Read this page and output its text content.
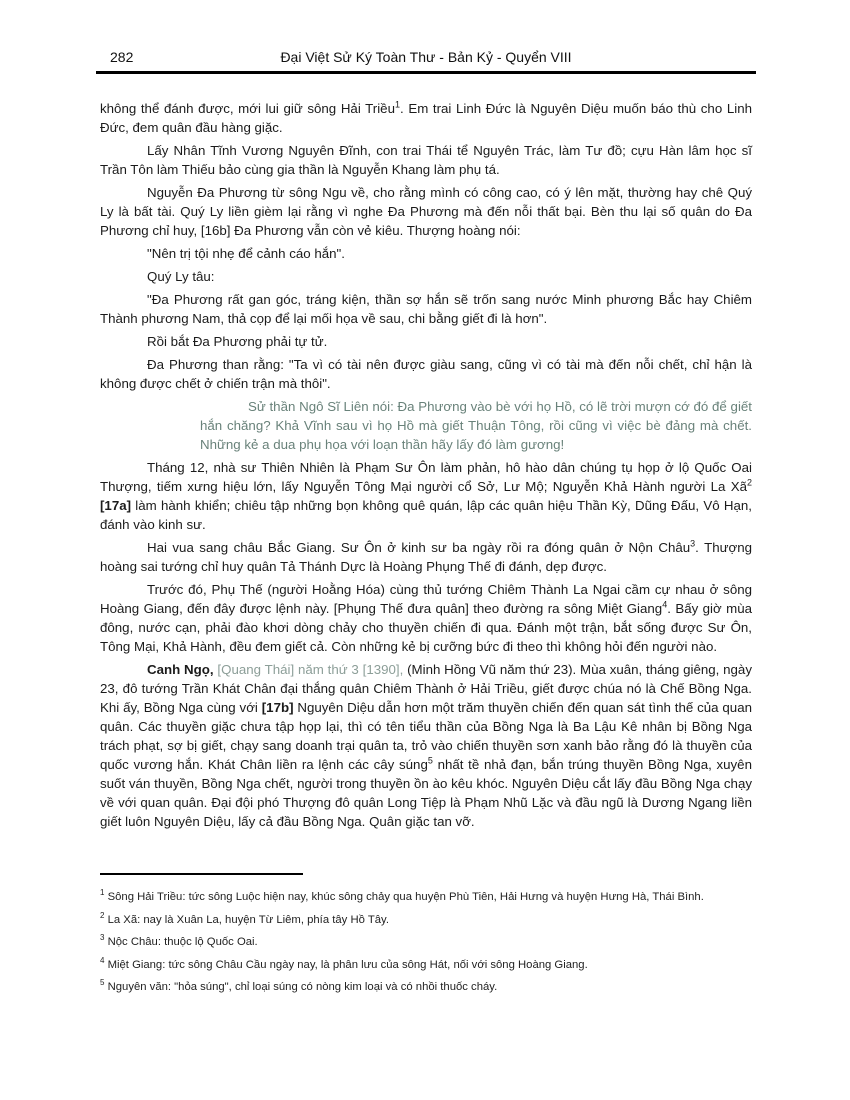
282	Đại Việt Sử Ký Toàn Thư - Bản Kỷ - Quyển VIII

không thể đánh được, mới lui giữ sông Hải Triều$^1$. Em trai Linh Đức là Nguyên Diệu muốn báo thù cho Linh Đức, đem quân đầu hàng giặc.

Lấy Nhân Tĩnh Vương Nguyên Đĩnh, con trai Thái tể Nguyên Trác, làm Tư đồ; cựu Hàn lâm học sĩ Trần Tôn làm Thiếu bảo cùng gia thần là Nguyễn Khang làm phụ tá.

Nguyễn Đa Phương từ sông Ngu về, cho rằng mình có công cao, có ý lên mặt, thường hay chê Quý Ly là bất tài. Quý Ly liền gièm lại rằng vì nghe Đa Phương mà đến nỗi thất bại. Bèn thu lại số quân do Đa Phương chỉ huy, [16b] Đa Phương vẫn còn vẻ kiêu. Thượng hoàng nói:

"Nên trị tội nhẹ để cảnh cáo hắn".

Quý Ly tâu:

"Đa Phương rất gan góc, tráng kiện, thần sợ hắn sẽ trốn sang nước Minh phương Bắc hay Chiêm Thành phương Nam, thả cọp để lại mối họa về sau, chi bằng giết đi là hơn".

Rồi bắt Đa Phương phải tự tử.

Đa Phương than rằng: "Ta vì có tài nên được giàu sang, cũng vì có tài mà đến nỗi chết, chỉ hận là không được chết ở chiến trận mà thôi".

Sử thần Ngô Sĩ Liên nói: Đa Phương vào bè với họ Hồ, có lẽ trời mượn cớ đó để giết hắn chăng? Khả Vĩnh sau vì họ Hồ mà giết Thuận Tông, rồi cũng vì việc bè đảng mà chết. Những kẻ a dua phụ họa với loạn thần hãy lấy đó làm gương!

Tháng 12, nhà sư Thiên Nhiên là Phạm Sư Ôn làm phản, hô hào dân chúng tụ họp ở lộ Quốc Oai Thượng, tiếm xưng hiệu lớn, lấy Nguyễn Tông Mại người cổ Sở, Lư Mộ; Nguyễn Khả Hành người La $Xã^2$ [17a] làm hành khiển; chiêu tập những bọn không quê quán, lập các quân hiệu Thần Kỳ, Dũng Đấu, Vô Hạn, đánh vào kinh sư.

Hai vua sang châu Bắc Giang. Sư Ôn ở kinh sư ba ngày rồi ra đóng quân ở Nộn Châu$^3$. Thượng hoàng sai tướng chỉ huy quân Tả Thánh Dực là Hoàng Phụng Thế đi đánh, dẹp được.

Trước đó, Phụ Thế (người Hoằng Hóa) cùng thủ tướng Chiêm Thành La Ngai cầm cự nhau ở sông Hoàng Giang, đến đây được lệnh này. [Phụng Thế đưa quân] theo đường ra sông Miệt Giang$^4$. Bấy giờ mùa đông, nước cạn, phải đào khơi dòng chảy cho thuyền chiến đi qua. Đánh một trận, bắt sống được Sư Ôn, Tông Mại, Khả Hành, đều đem giết cả. Còn những kẻ bị cưỡng bức đi theo thì không hỏi đến người nào.

Canh Ngọ, [Quang Thái] năm thứ 3 [1390], (Minh Hồng Vũ năm thứ 23). Mùa xuân, tháng giêng, ngày 23, đô tướng Trần Khát Chân đại thắng quân Chiêm Thành ở Hải Triều, giết được chúa nó là Chế Bồng Nga. Khi ấy, Bồng Nga cùng với [17b] Nguyên Diệu dẫn hơn một trăm thuyền chiến đến quan sát tình thế của quan quân. Các thuyền giặc chưa tập họp lại, thì có tên tiểu thần của Bồng Nga là Ba Lậu Kê nhân bị Bồng Nga trách phạt, sợ bị giết, chạy sang doanh trại quân ta, trỏ vào chiến thuyền sơn xanh bảo rằng đó là thuyền của quốc vương hắn. Khát Chân liền ra lệnh các cây súng$^5$ nhất tề nhả đạn, bắn trúng thuyền Bồng Nga, xuyên suốt ván thuyền, Bồng Nga chết, người trong thuyền ồn ào kêu khóc. Nguyên Diệu cắt lấy đầu Bồng Nga chạy về với quan quân. Đại đội phó Thượng đô quân Long Tiệp là Phạm Nhũ Lặc và đầu ngũ là Dương Ngang liền giết luôn Nguyên Diệu, lấy cả đầu Bồng Nga. Quân giặc tan vỡ.

$^1$ Sông Hải Triều: tức sông Luộc hiện nay, khúc sông chảy qua huyện Phù Tiên, Hải Hưng và huyện Hưng Hà, Thái Bình.

$^2$ La Xã: nay là Xuân La, huyện Từ Liêm, phía tây Hồ Tây.

$^3$ Nộc Châu: thuộc lộ Quốc Oai.

$^4$ Miệt Giang: tức sông Châu Cầu ngày nay, là phân lưu của sông Hát, nối với sông Hoàng Giang.

$^5$ Nguyên văn: "hỏa súng", chỉ loại súng có nòng kim loại và có nhồi thuốc cháy.
